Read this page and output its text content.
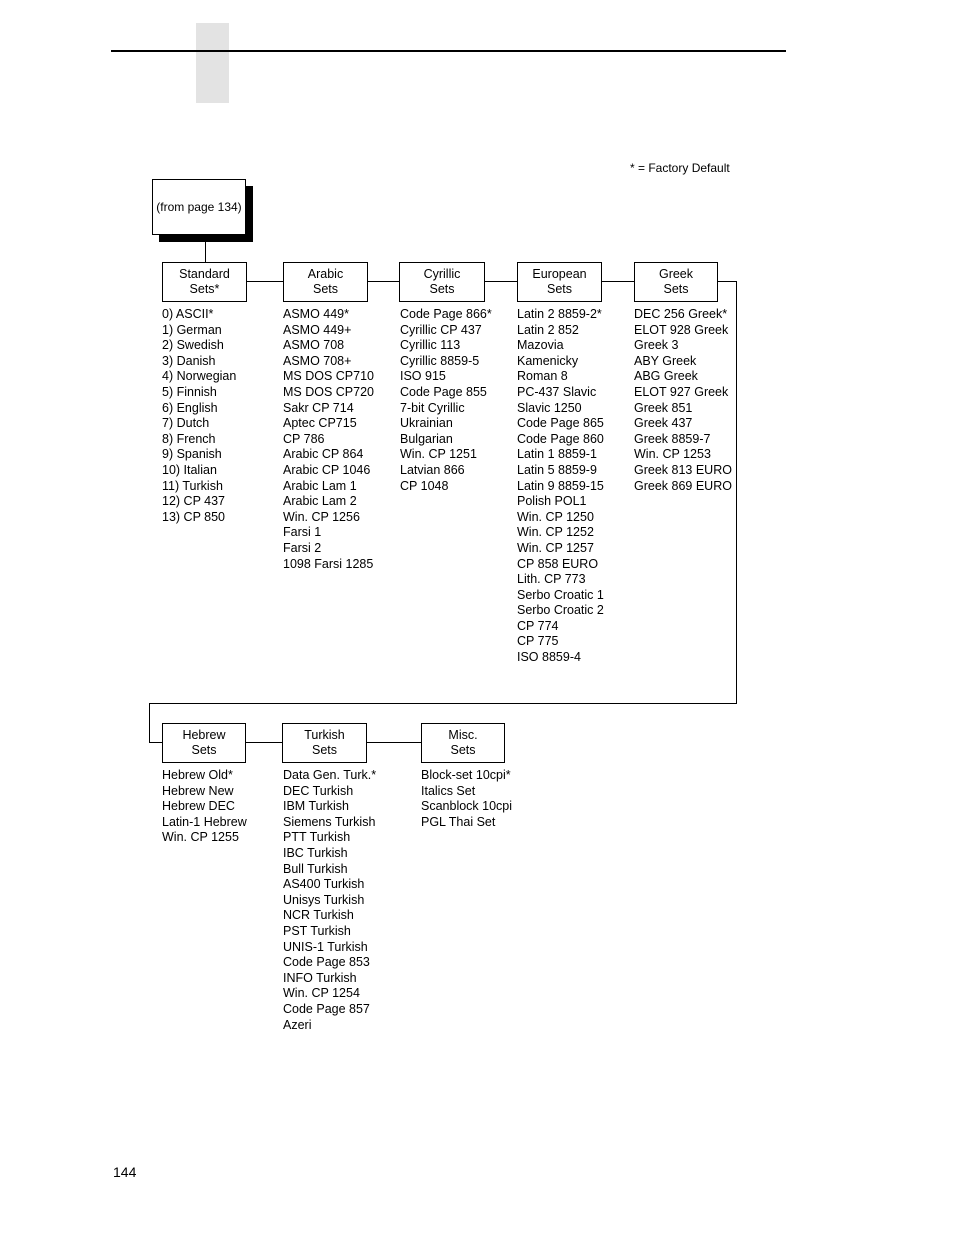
* = Factory Default
(from page 134)
Standard
Sets*
Arabic
Sets
Cyrillic
Sets
European
Sets
Greek
Sets
Hebrew
Sets
Turkish
Sets
Misc.
Sets
0) ASCII*
1) German
2) Swedish
3) Danish
4) Norwegian
5) Finnish
6) English
7) Dutch
8) French
9) Spanish
10) Italian
11) Turkish
12) CP 437
13) CP 850
ASMO 449*
ASMO 449+
ASMO 708
ASMO 708+
MS DOS CP710
MS DOS CP720
Sakr CP 714
Aptec CP715
CP 786
Arabic CP 864
Arabic CP 1046
Arabic Lam 1
Arabic Lam 2
Win. CP 1256
Farsi 1
Farsi 2
1098 Farsi 1285
Code Page 866*
Cyrillic CP 437
Cyrillic 113
Cyrillic 8859-5
ISO 915
Code Page 855
7-bit Cyrillic
Ukrainian
Bulgarian
Win. CP 1251
Latvian 866
CP 1048
Latin 2 8859-2*
Latin 2 852
Mazovia
Kamenicky
Roman 8
PC-437 Slavic
Slavic 1250
Code Page 865
Code Page 860
Latin 1 8859-1
Latin 5 8859-9
Latin 9 8859-15
Polish POL1
Win. CP 1250
Win. CP 1252
Win. CP 1257
CP 858 EURO
Lith. CP 773
Serbo Croatic 1
Serbo Croatic 2
CP 774
CP 775
ISO 8859-4
DEC 256 Greek*
ELOT 928 Greek
Greek 3
ABY Greek
ABG Greek
ELOT 927 Greek
Greek 851
Greek 437
Greek 8859-7
Win. CP 1253
Greek 813 EURO
Greek 869 EURO
Hebrew Old*
Hebrew New
Hebrew DEC
Latin-1 Hebrew
Win. CP 1255
Data Gen. Turk.*
DEC Turkish
IBM Turkish
Siemens Turkish
PTT Turkish
IBC Turkish
Bull Turkish
AS400 Turkish
Unisys Turkish
NCR Turkish
PST Turkish
UNIS-1 Turkish
Code Page 853
INFO Turkish
Win. CP 1254
Code Page 857
Azeri
Block-set 10cpi*
Italics Set
Scanblock 10cpi
PGL Thai Set
144
